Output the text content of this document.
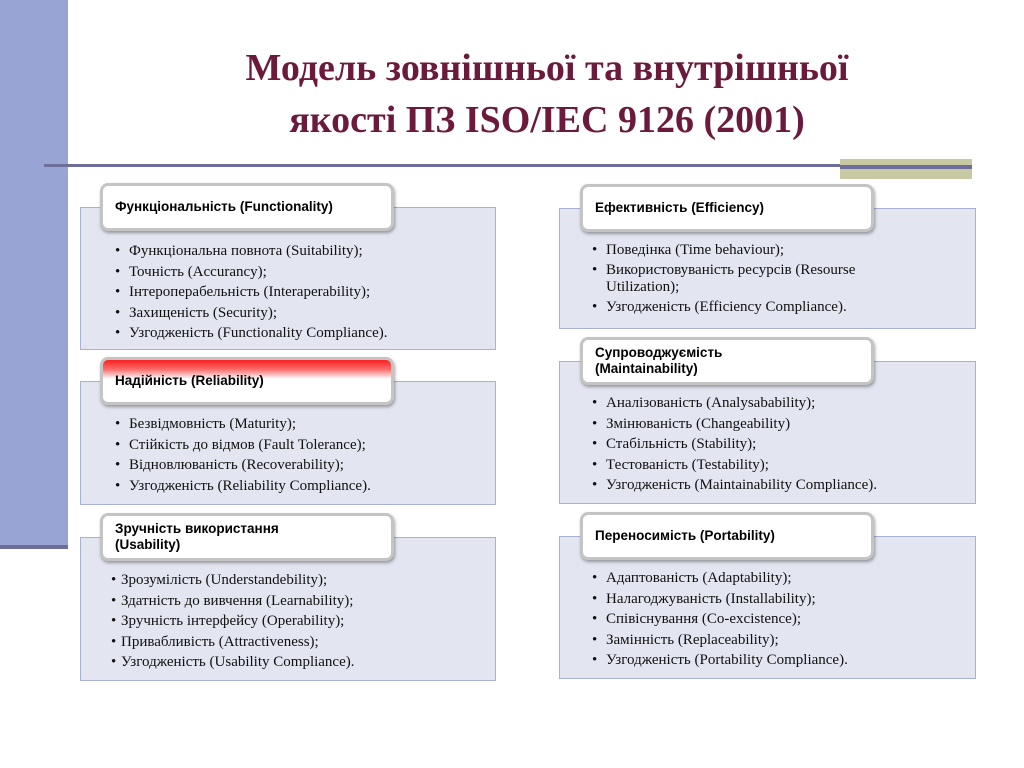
Модель зовнішньої та внутрішньої
якості ПЗ ISO/IEC 9126 (2001)
• Функціональна повнота (Suitability);
• Точність (Accurancy);
• Інтероперабельність (Interaperability);
• Захищеність (Security);
• Узгодженість (Functionality Compliance).
Функціональність (Functionality)
• Безвідмовність (Maturity);
• Стійкість до відмов (Fault Tolerance);
• Відновлюваність (Recoverability);
• Узгодженість (Reliability Compliance).
Надійність (Reliability)
• Зрозумілість (Understandebility);
• Здатність до вивчення (Learnability);
• Зручність інтерфейсу (Operability);
• Привабливість (Attractiveness);
• Узгодженість (Usability Compliance).
Зручність використання (Usability)
• Поведінка (Time behaviour);
• Використовуваність ресурсів (Resourse Utilization);
• Узгодженість (Efficiency Compliance).
Ефективність (Efficiency)
• Аналізованість (Analysabability);
• Змінюваність (Changeability)
• Стабільність (Stability);
• Тестованість (Testability);
• Узгодженість (Maintainability Compliance).
Супроводжуємість (Maintainability)
• Адаптованість (Adaptability);
• Налагоджуваність (Installability);
• Співіснування (Co-excistence);
• Замінність (Replaceability);
• Узгодженість (Portability Compliance).
Переносимість (Portability)
